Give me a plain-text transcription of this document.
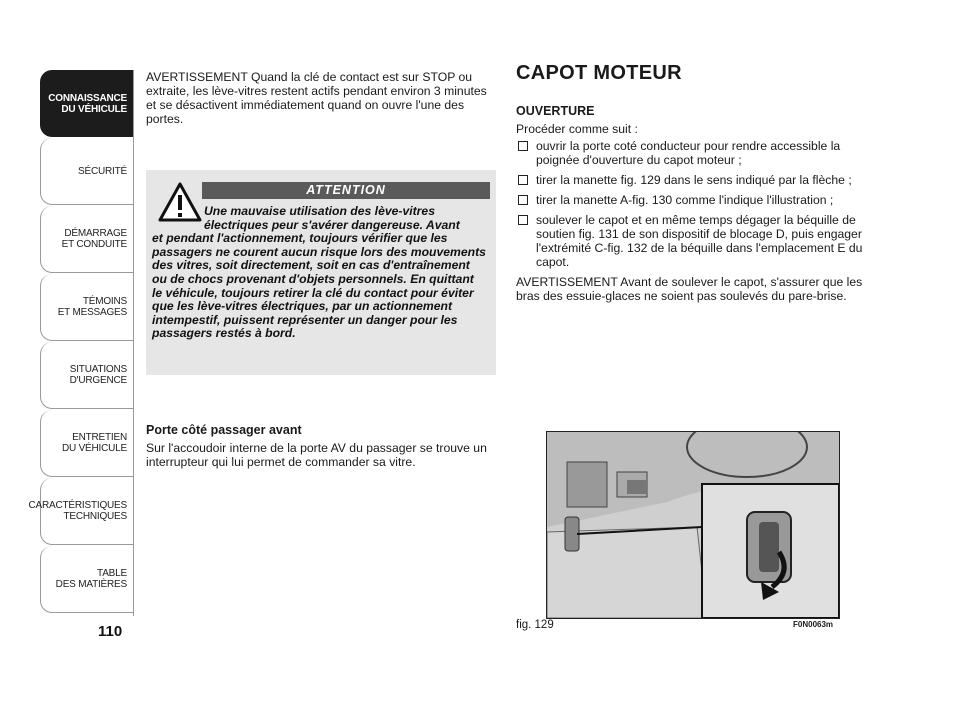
CONNAISSANCE
DU VÉHICULE
SÉCURITÉ
DÉMARRAGE
ET CONDUITE
TÉMOINS
ET MESSAGES
SITUATIONS
D'URGENCE
ENTRETIEN
DU VÉHICULE
CARACTÉRISTIQUES
TECHNIQUES
TABLE
DES MATIÈRES
110

AVERTISSEMENT Quand la clé de contact est sur STOP ou extraite, les lève-vitres restent actifs pendant environ 3 minutes et se désactivent immédiatement quand on ouvre l'une des portes.

ATTENTION
Une mauvaise utilisation des lève-vitres électriques peur s'avérer dangereuse. Avant
et pendant l'actionnement, toujours vérifier que les passagers ne courent aucun risque lors des mouvements des vitres, soit directement, soit en cas d'entraînement ou de chocs provenant d'objets personnels. En quittant le véhicule, toujours retirer la clé du contact pour éviter que les lève-vitres électriques, par un actionnement intempestif, puissent représenter un danger pour les passagers restés à bord.
Porte côté passager avant

Sur l'accoudoir interne de la porte AV du passager se trouve un interrupteur qui lui permet de commander sa vitre.

CAPOT MOTEUR
OUVERTURE

Procéder comme suit :

ouvrir la porte coté conducteur pour rendre accessible la poignée d'ouverture du capot moteur ;
tirer la manette fig. 129 dans le sens indiqué par la flèche ;
tirer la manette A-fig. 130 comme l'indique l'illustration ;
soulever le capot et en même temps dégager la béquille de soutien fig. 131 de son dispositif de blocage D, puis engager l'extrémité C-fig. 132 de la béquille dans l'emplacement E du capot.

AVERTISSEMENT Avant de soulever le capot, s'assurer que les bras des essuie-glaces ne soient pas soulevés du pare-brise.

fig. 129	F0N0063m
